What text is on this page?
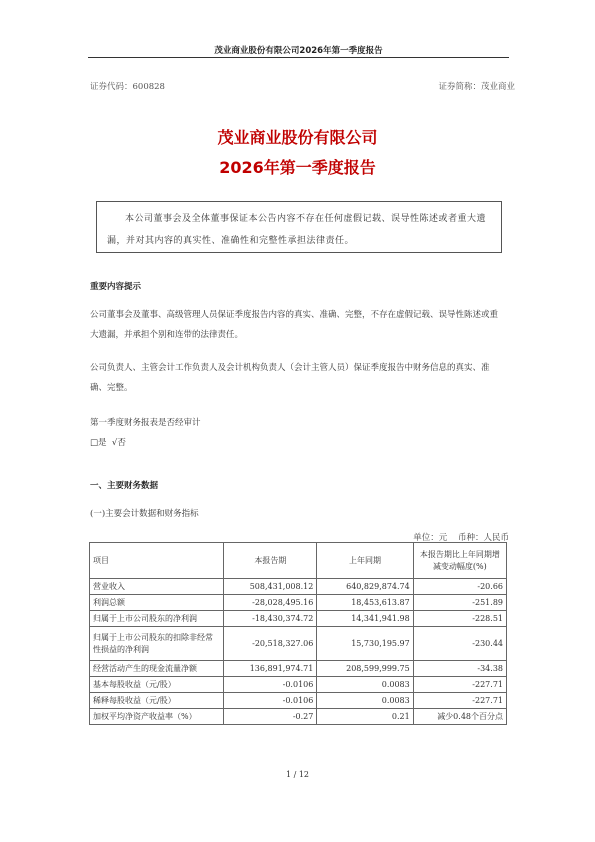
茂业商业股份有限公司2026年第一季度报告
证券代码：600828	证券简称：茂业商业
茂业商业股份有限公司
2026年第一季度报告
本公司董事会及全体董事保证本公告内容不存在任何虚假记载、误导性陈述或者重大遗漏，并对其内容的真实性、准确性和完整性承担法律责任。
重要内容提示
公司董事会及董事、高级管理人员保证季度报告内容的真实、准确、完整，不存在虚假记载、误导性陈述或重大遗漏，并承担个别和连带的法律责任。
公司负责人、主管会计工作负责人及会计机构负责人（会计主管人员）保证季度报告中财务信息的真实、准确、完整。
第一季度财务报表是否经审计
□是  √否
一、主要财务数据
(一)主要会计数据和财务指标
单位：元 币种：人民币
项目	本报告期	上年同期	本报告期比上年同期增减变动幅度(%)
营业收入	508,431,008.12	640,829,874.74	-20.66
利润总额	-28,028,495.16	18,453,613.87	-251.89
归属于上市公司股东的净利润	-18,430,374.72	14,341,941.98	-228.51
归属于上市公司股东的扣除非经常性损益的净利润	-20,518,327.06	15,730,195.97	-230.44
经营活动产生的现金流量净额	136,891,974.71	208,599,999.75	-34.38
基本每股收益（元/股）	-0.0106	0.0083	-227.71
稀释每股收益（元/股）	-0.0106	0.0083	-227.71
加权平均净资产收益率（%）	-0.27	0.21	减少0.48个百分点
1 / 12
